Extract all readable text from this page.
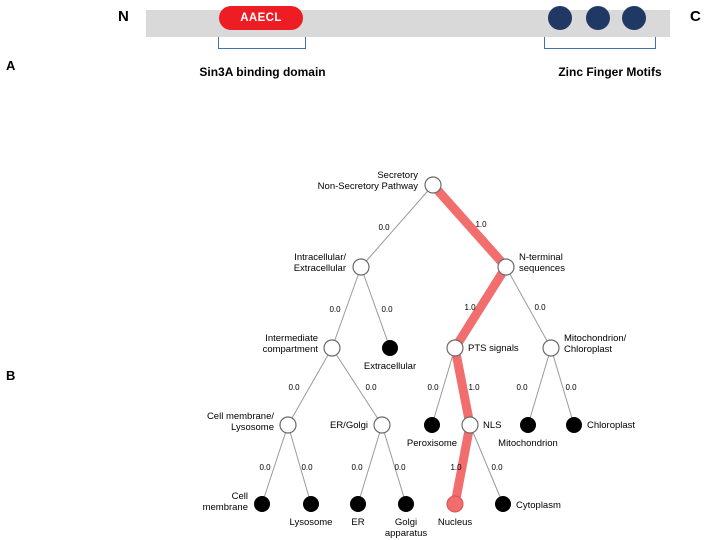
N	AAECL	C
Sin3A binding domain	Zinc Finger Motifs
A
B
Secretory
Non-Secretory Pathway
Intracellular/
Extracellular
N-terminal
sequences
Intermediate
compartment
Extracellular
PTS signals
Mitochondrion/
Chloroplast
Cell membrane/
Lysosome	ER/Golgi
Peroxisome
NLS
Mitochondrion
Chloroplast
Cell
membrane
Lysosome ER	Golgi
apparatus
Nucleus
Cytoplasm
0.0	1.0
0.0	0.0	1.0	0.0
0.0	0.0	0.0	1.0	0.0	0.0
0.0	0.0	0.0	0.0	1.0	0.0
